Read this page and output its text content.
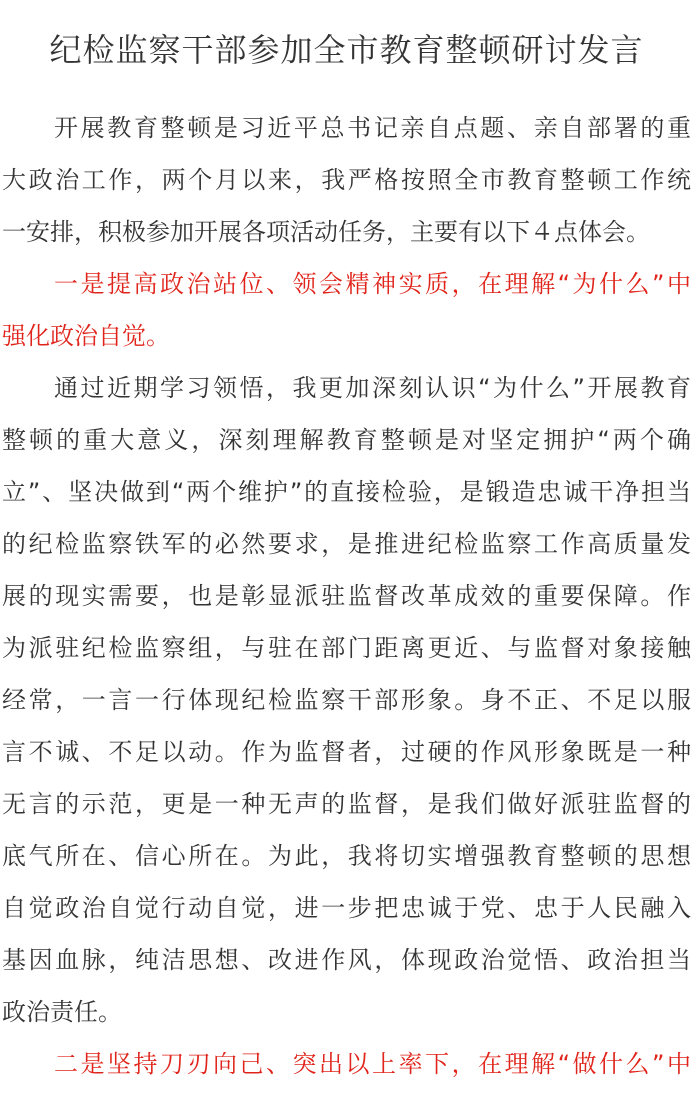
纪检监察干部参加全市教育整顿研讨发言
开展教育整顿是习近平总书记亲自点题、亲自部署的重
大政治工作，两个月以来，我严格按照全市教育整顿工作统
一安排，积极参加开展各项活动任务，主要有以下４点体会。
一是提高政治站位、领会精神实质，在理解“为什么”中
强化政治自觉。
通过近期学习领悟，我更加深刻认识“为什么”开展教育
整顿的重大意义，深刻理解教育整顿是对坚定拥护“两个确
立”、坚决做到“两个维护”的直接检验，是锻造忠诚干净担当
的纪检监察铁军的必然要求，是推进纪检监察工作高质量发
展的现实需要，也是彰显派驻监督改革成效的重要保障。作
为派驻纪检监察组，与驻在部门距离更近、与监督对象接触
经常，一言一行体现纪检监察干部形象。身不正、不足以服
言不诚、不足以动。作为监督者，过硬的作风形象既是一种
无言的示范，更是一种无声的监督，是我们做好派驻监督的
底气所在、信心所在。为此，我将切实增强教育整顿的思想
自觉政治自觉行动自觉，进一步把忠诚于党、忠于人民融入
基因血脉，纯洁思想、改进作风，体现政治觉悟、政治担当
政治责任。
二是坚持刀刃向己、突出以上率下，在理解“做什么”中
